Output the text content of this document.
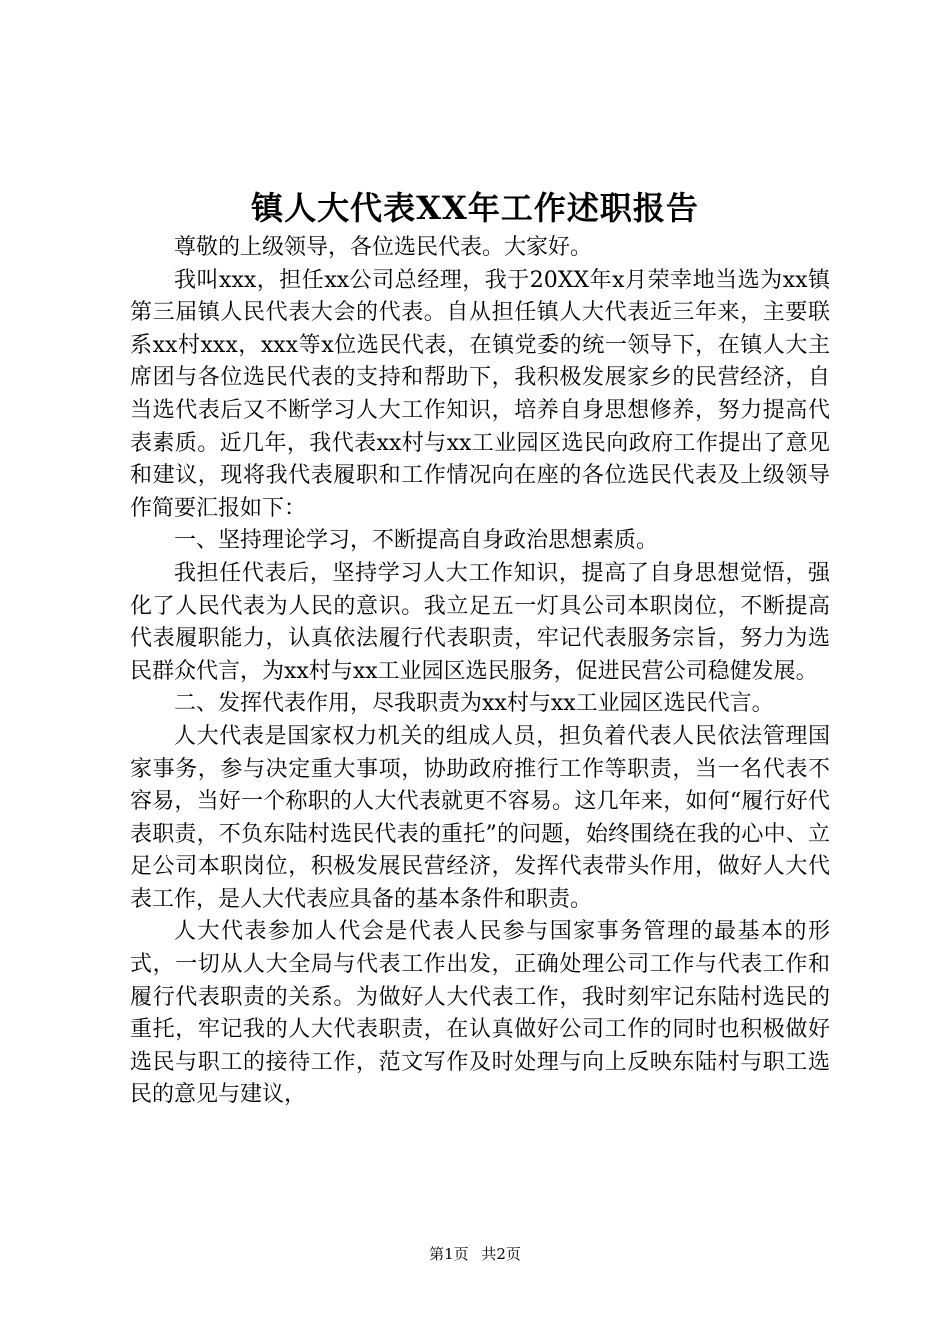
镇人大代表XX年工作述职报告

尊敬的上级领导，各位选民代表。大家好。

我叫xxx，担任xx公司总经理，我于20XX年x月荣幸地当选为xx镇第三届镇人民代表大会的代表。自从担任镇人大代表近三年来，主要联系xx村xxx，xxx等x位选民代表，在镇党委的统一领导下，在镇人大主席团与各位选民代表的支持和帮助下，我积极发展家乡的民营经济，自当选代表后又不断学习人大工作知识，培养自身思想修养，努力提高代表素质。近几年，我代表xx村与xx工业园区选民向政府工作提出了意见和建议，现将我代表履职和工作情况向在座的各位选民代表及上级领导作简要汇报如下：

一、坚持理论学习，不断提高自身政治思想素质。

我担任代表后，坚持学习人大工作知识，提高了自身思想觉悟，强化了人民代表为人民的意识。我立足五一灯具公司本职岗位，不断提高代表履职能力，认真依法履行代表职责，牢记代表服务宗旨，努力为选民群众代言，为xx村与xx工业园区选民服务，促进民营公司稳健发展。

二、发挥代表作用，尽我职责为xx村与xx工业园区选民代言。

人大代表是国家权力机关的组成人员，担负着代表人民依法管理国家事务，参与决定重大事项，协助政府推行工作等职责，当一名代表不容易，当好一个称职的人大代表就更不容易。这几年来，如何“履行好代表职责，不负东陆村选民代表的重托”的问题，始终围绕在我的心中、立足公司本职岗位，积极发展民营经济，发挥代表带头作用，做好人大代表工作，是人大代表应具备的基本条件和职责。

人大代表参加人代会是代表人民参与国家事务管理的最基本的形式，一切从人大全局与代表工作出发，正确处理公司工作与代表工作和履行代表职责的关系。为做好人大代表工作，我时刻牢记东陆村选民的重托，牢记我的人大代表职责，在认真做好公司工作的同时也积极做好选民与职工的接待工作，范文写作及时处理与向上反映东陆村与职工选民的意见与建议，

第1页 共2页
